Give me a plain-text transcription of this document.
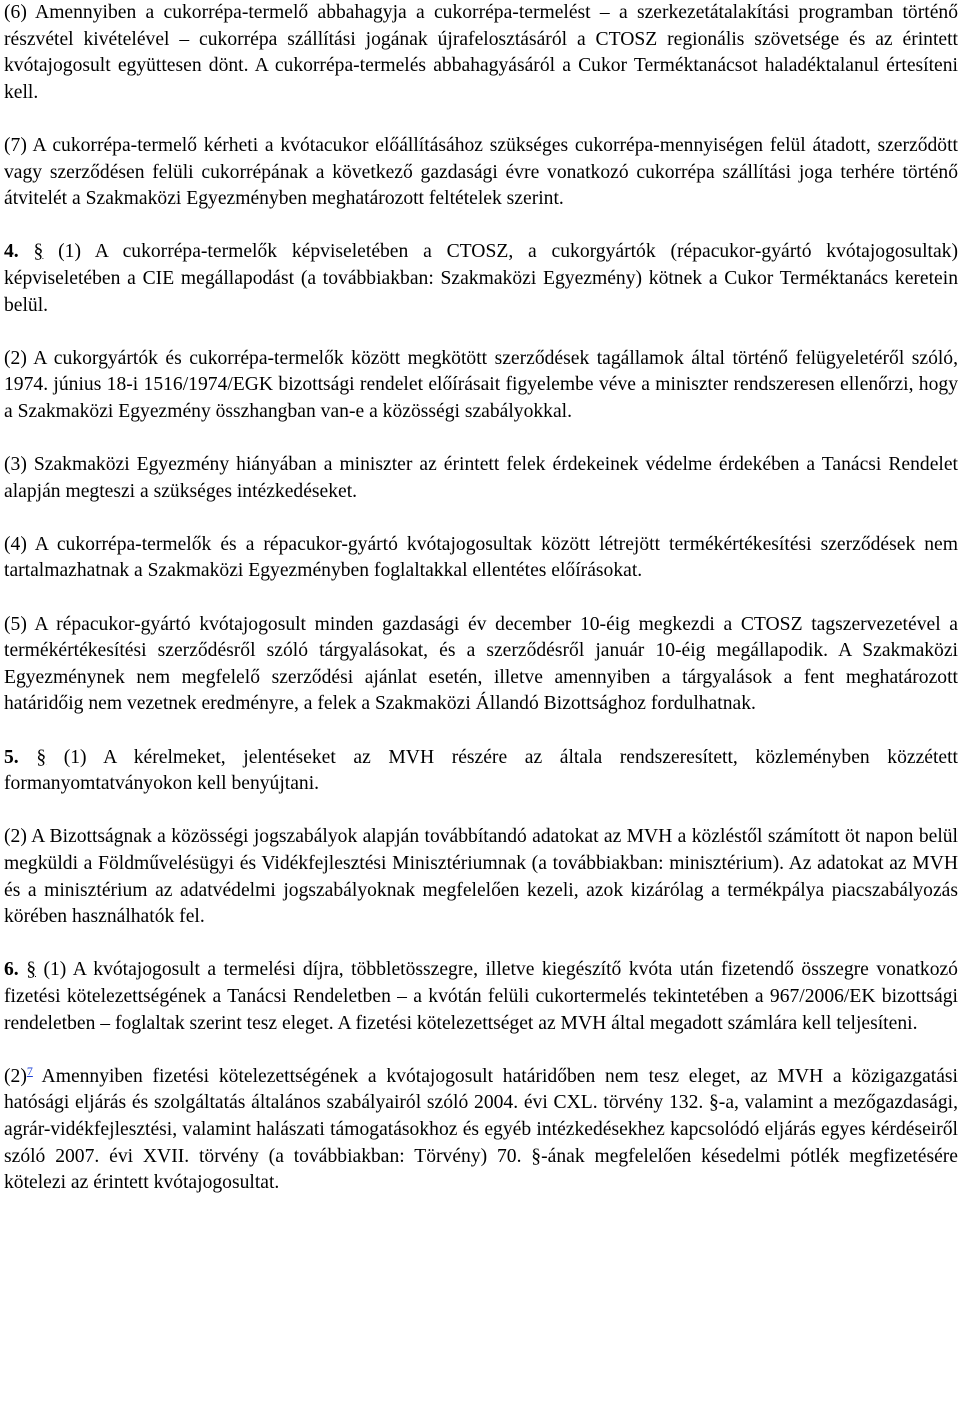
(6) Amennyiben a cukorrépa-termelő abbahagyja a cukorrépa-termelést – a szerkezetátalakítási programban történő részvétel kivételével – cukorrépa szállítási jogának újrafelosztásáról a CTOSZ regionális szövetsége és az érintett kvótajogosult együttesen dönt. A cukorrépa-termelés abbahagyásáról a Cukor Terméktanácsot haladéktalanul értesíteni kell.

(7) A cukorrépa-termelő kérheti a kvótacukor előállításához szükséges cukorrépa-mennyiségen felül átadott, szerződött vagy szerződésen felüli cukorrépának a következő gazdasági évre vonatkozó cukorrépa szállítási joga terhére történő átvitelét a Szakmaközi Egyezményben meghatározott feltételek szerint.

4. § (1) A cukorrépa-termelők képviseletében a CTOSZ, a cukorgyártók (répacukor-gyártó kvótajogosultak) képviseletében a CIE megállapodást (a továbbiakban: Szakmaközi Egyezmény) kötnek a Cukor Terméktanács keretein belül.

(2) A cukorgyártók és cukorrépa-termelők között megkötött szerződések tagállamok által történő felügyeletéről szóló, 1974. június 18-i 1516/1974/EGK bizottsági rendelet előírásait figyelembe véve a miniszter rendszeresen ellenőrzi, hogy a Szakmaközi Egyezmény összhangban van-e a közösségi szabályokkal.

(3) Szakmaközi Egyezmény hiányában a miniszter az érintett felek érdekeinek védelme érdekében a Tanácsi Rendelet alapján megteszi a szükséges intézkedéseket.

(4) A cukorrépa-termelők és a répacukor-gyártó kvótajogosultak között létrejött termékértékesítési szerződések nem tartalmazhatnak a Szakmaközi Egyezményben foglaltakkal ellentétes előírásokat.

(5) A répacukor-gyártó kvótajogosult minden gazdasági év december 10-éig megkezdi a CTOSZ tagszervezetével a termékértékesítési szerződésről szóló tárgyalásokat, és a szerződésről január 10-éig megállapodik. A Szakmaközi Egyezménynek nem megfelelő szerződési ajánlat esetén, illetve amennyiben a tárgyalások a fent meghatározott határidőig nem vezetnek eredményre, a felek a Szakmaközi Állandó Bizottsághoz fordulhatnak.

5. § (1) A kérelmeket, jelentéseket az MVH részére az általa rendszeresített, közleményben közzétett formanyomtatványokon kell benyújtani.

(2) A Bizottságnak a közösségi jogszabályok alapján továbbítandó adatokat az MVH a közléstől számított öt napon belül megküldi a Földművelésügyi és Vidékfejlesztési Minisztériumnak (a továbbiakban: minisztérium). Az adatokat az MVH és a minisztérium az adatvédelmi jogszabályoknak megfelelően kezeli, azok kizárólag a termékpálya piacszabályozás körében használhatók fel.

6. § (1) A kvótajogosult a termelési díjra, többletösszegre, illetve kiegészítő kvóta után fizetendő összegre vonatkozó fizetési kötelezettségének a Tanácsi Rendeletben – a kvótán felüli cukortermelés tekintetében a 967/2006/EK bizottsági rendeletben – foglaltak szerint tesz eleget. A fizetési kötelezettséget az MVH által megadott számlára kell teljesíteni.

(2)$^7$ Amennyiben fizetési kötelezettségének a kvótajogosult határidőben nem tesz eleget, az MVH a közigazgatási hatósági eljárás és szolgáltatás általános szabályairól szóló 2004. évi CXL. törvény 132. §-a, valamint a mezőgazdasági, agrár-vidékfejlesztési, valamint halászati támogatásokhoz és egyéb intézkedésekhez kapcsolódó eljárás egyes kérdéseiről szóló 2007. évi XVII. törvény (a továbbiakban: Törvény) 70. §-ának megfelelően késedelmi pótlék megfizetésére kötelezi az érintett kvótajogosultat.
